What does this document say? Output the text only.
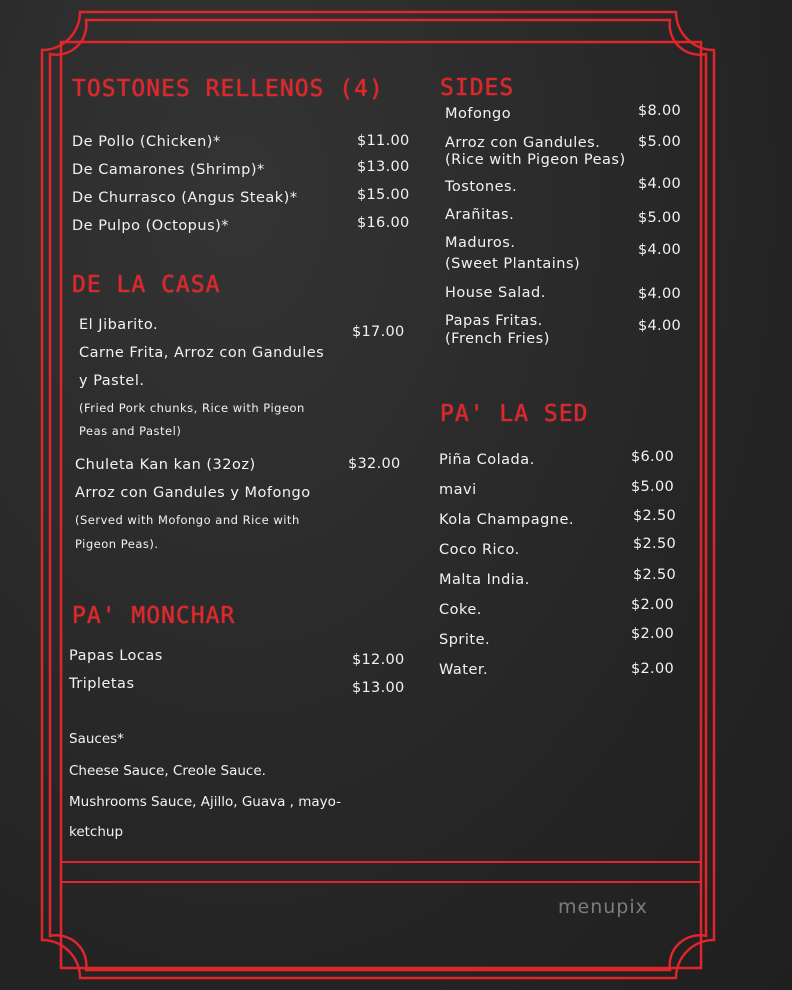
TOSTONES RELLENOS (4)
De Pollo (Chicken)*	$11.00
De Camarones (Shrimp)*	$13.00
De Churrasco (Angus Steak)*	$15.00
De Pulpo (Octopus)*	$16.00
DE LA CASA
El Jibarito.	$17.00
Carne Frita, Arroz con Gandules
y Pastel.
(Fried Pork chunks, Rice with Pigeon
Peas and Pastel)
Chuleta Kan kan (32oz)	$32.00
Arroz con Gandules y Mofongo
(Served with Mofongo and Rice with
Pigeon Peas).
PA' MONCHAR
Papas Locas	$12.00
Tripletas	$13.00
Sauces*
Cheese Sauce, Creole Sauce.
Mushrooms Sauce, Ajillo, Guava , mayo-
ketchup
SIDES
Mofongo	$8.00
Arroz con Gandules.
(Rice with Pigeon Peas)
$5.00
Tostones.	$4.00
Arañitas.	$5.00
Maduros.
(Sweet Plantains)
$4.00
House Salad.	$4.00
Papas Fritas.
(French Fries)
$4.00
PA' LA SED
Piña Colada.	$6.00
mavi	$5.00
Kola Champagne.	$2.50
Coco Rico.	$2.50
Malta India.	$2.50
Coke.	$2.00
Sprite.	$2.00
Water.	$2.00
menupix
